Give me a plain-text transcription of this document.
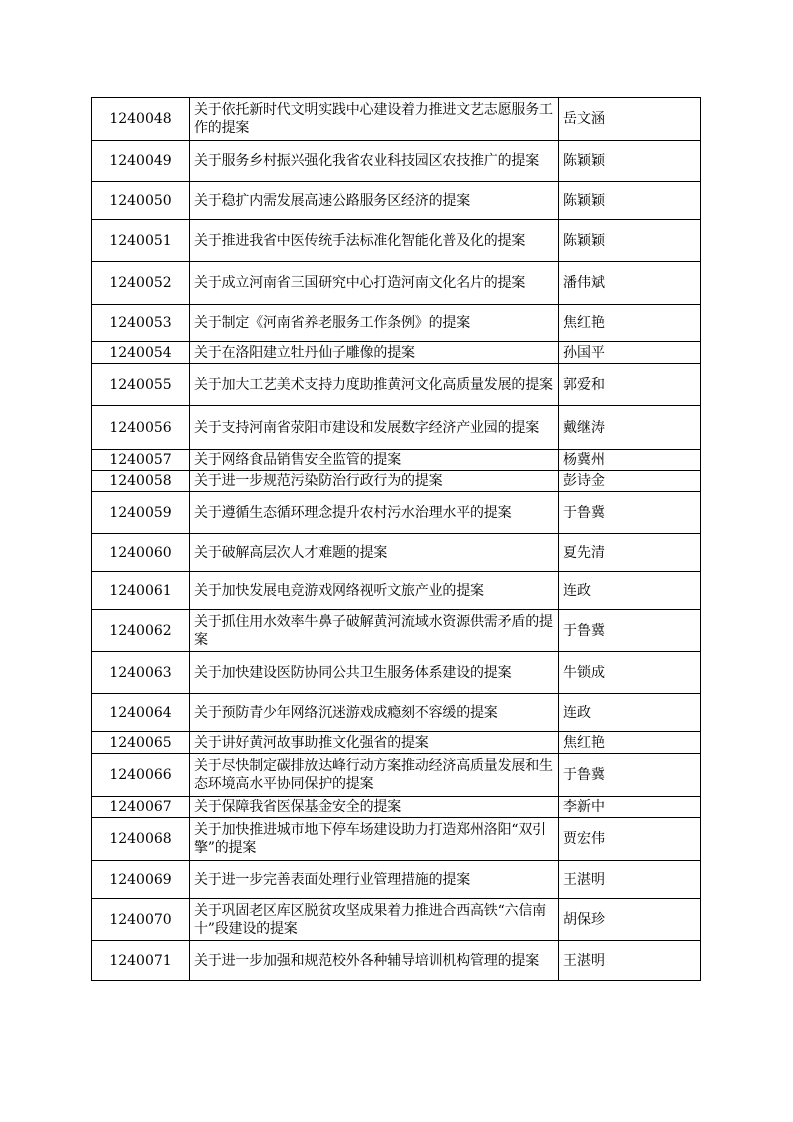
1240048	关于依托新时代文明实践中心建设着力推进文艺志愿服务工作的提案	岳文涵
1240049	关于服务乡村振兴强化我省农业科技园区农技推广的提案	陈颖颖
1240050	关于稳扩内需发展高速公路服务区经济的提案	陈颖颖
1240051	关于推进我省中医传统手法标准化智能化普及化的提案	陈颖颖
1240052	关于成立河南省三国研究中心打造河南文化名片的提案	潘伟斌
1240053	关于制定《河南省养老服务工作条例》的提案	焦红艳
1240054	关于在洛阳建立牡丹仙子雕像的提案	孙国平
1240055	关于加大工艺美术支持力度助推黄河文化高质量发展的提案	郭爱和
1240056	关于支持河南省荥阳市建设和发展数字经济产业园的提案	戴继涛
1240057	关于网络食品销售安全监管的提案	杨冀州
1240058	关于进一步规范污染防治行政行为的提案	彭诗金
1240059	关于遵循生态循环理念提升农村污水治理水平的提案	于鲁冀
1240060	关于破解高层次人才难题的提案	夏先清
1240061	关于加快发展电竞游戏网络视听文旅产业的提案	连政
1240062	关于抓住用水效率牛鼻子破解黄河流域水资源供需矛盾的提案	于鲁冀
1240063	关于加快建设医防协同公共卫生服务体系建设的提案	牛锁成
1240064	关于预防青少年网络沉迷游戏成瘾刻不容缓的提案	连政
1240065	关于讲好黄河故事助推文化强省的提案	焦红艳
1240066	关于尽快制定碳排放达峰行动方案推动经济高质量发展和生态环境高水平协同保护的提案	于鲁冀
1240067	关于保障我省医保基金安全的提案	李新中
1240068	关于加快推进城市地下停车场建设助力打造郑州洛阳“双引擎”的提案	贾宏伟
1240069	关于进一步完善表面处理行业管理措施的提案	王湛明
1240070	关于巩固老区库区脱贫攻坚成果着力推进合西高铁“六信南十”段建设的提案	胡保珍
1240071	关于进一步加强和规范校外各种辅导培训机构管理的提案	王湛明
